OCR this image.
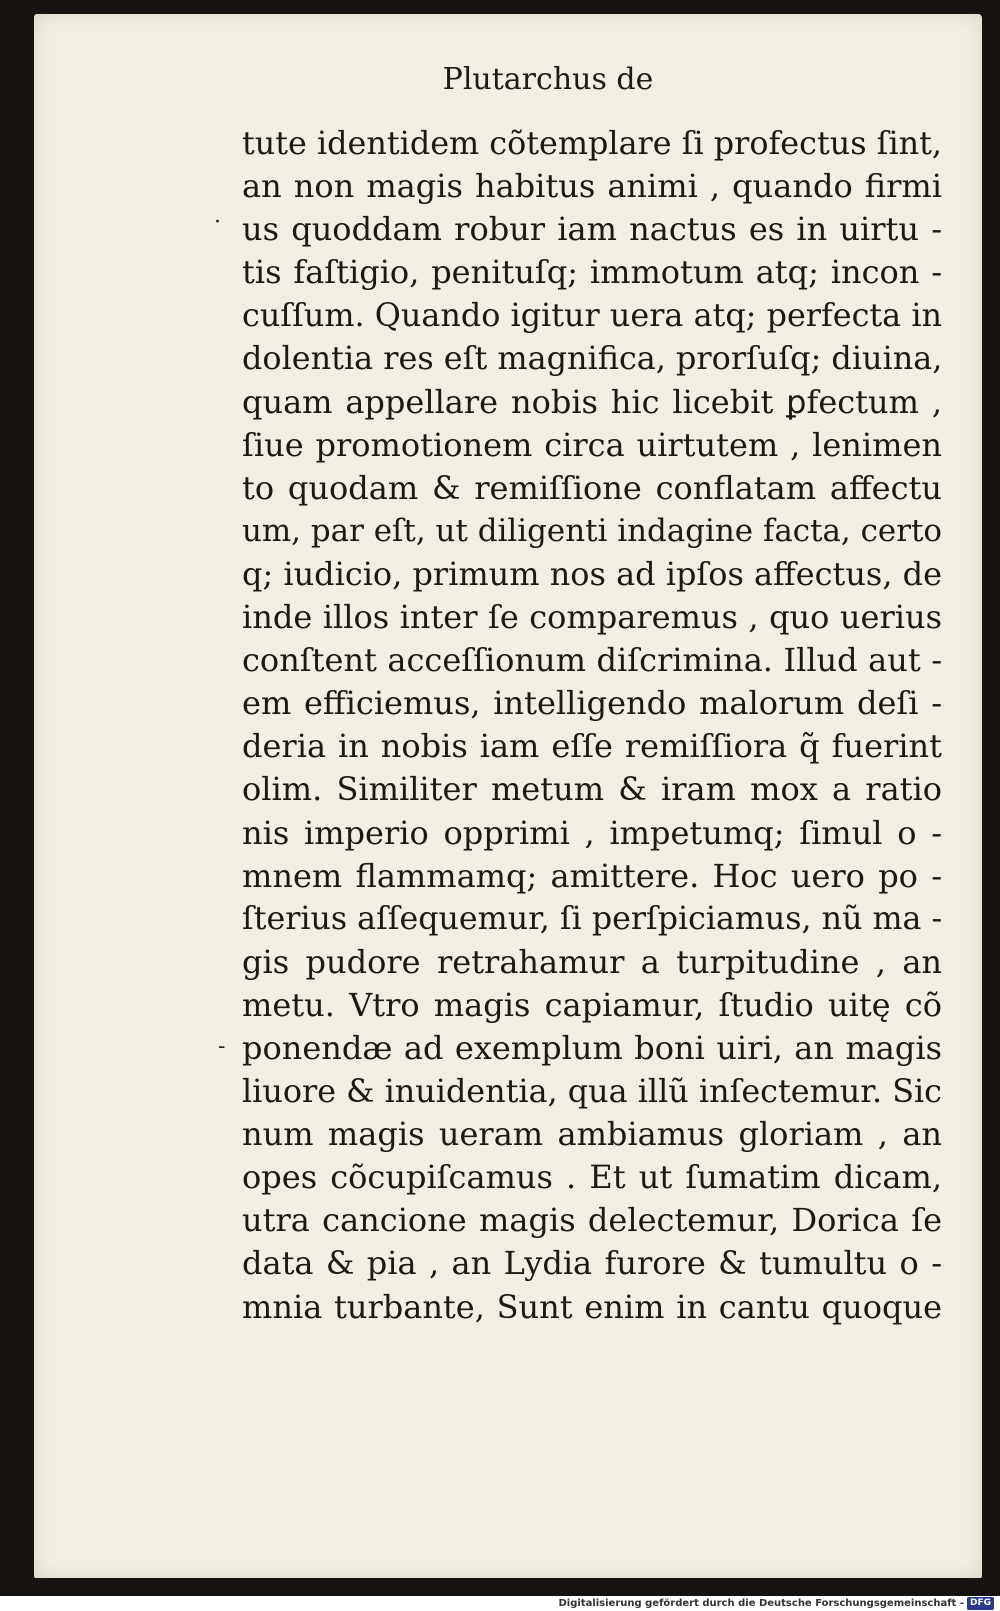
Plutarchus de
·
-
tute identidem cõtemplare ſi profectus ſint,
an non magis habitus animi , quando firmi
us quoddam robur iam nactus es in uirtu -
tis faſtigio, penituſq; immotum atq; incon -
cuſſum. Quando igitur uera atq; perfecta in
dolentia res eſt magnifica, prorſuſq; diuina,
quam appellare nobis hic licebit ꝑfectum ,
ſiue promotionem circa uirtutem , lenimen
to quodam & remiſſione conflatam affectu
um, par eſt, ut diligenti indagine facta, certo
q; iudicio, primum nos ad ipſos affectus, de
inde illos inter ſe comparemus , quo uerius
conſtent acceſſionum diſcrimina. Illud aut -
em efficiemus, intelligendo malorum deſi -
deria in nobis iam eſſe remiſſiora q̃ fuerint
olim. Similiter metum & iram mox a ratio
nis imperio opprimi , impetumq; ſimul o -
mnem flammamq; amittere. Hoc uero po -
ſterius aſſequemur, ſi perſpiciamus, nũ ma -
gis pudore retrahamur a turpitudine , an
metu. Vtro magis capiamur, ſtudio uitę cõ
ponendæ ad exemplum boni uiri, an magis
liuore & inuidentia, qua illũ inſectemur. Sic
num magis ueram ambiamus gloriam , an
opes cõcupiſcamus . Et ut ſumatim dicam,
utra cancione magis delectemur, Dorica ſe
data & pia , an Lydia furore & tumultu o -
mnia turbante, Sunt enim in cantu quoque
Digitalisierung gefördert durch die Deutsche Forschungsgemeinschaft - DFG
